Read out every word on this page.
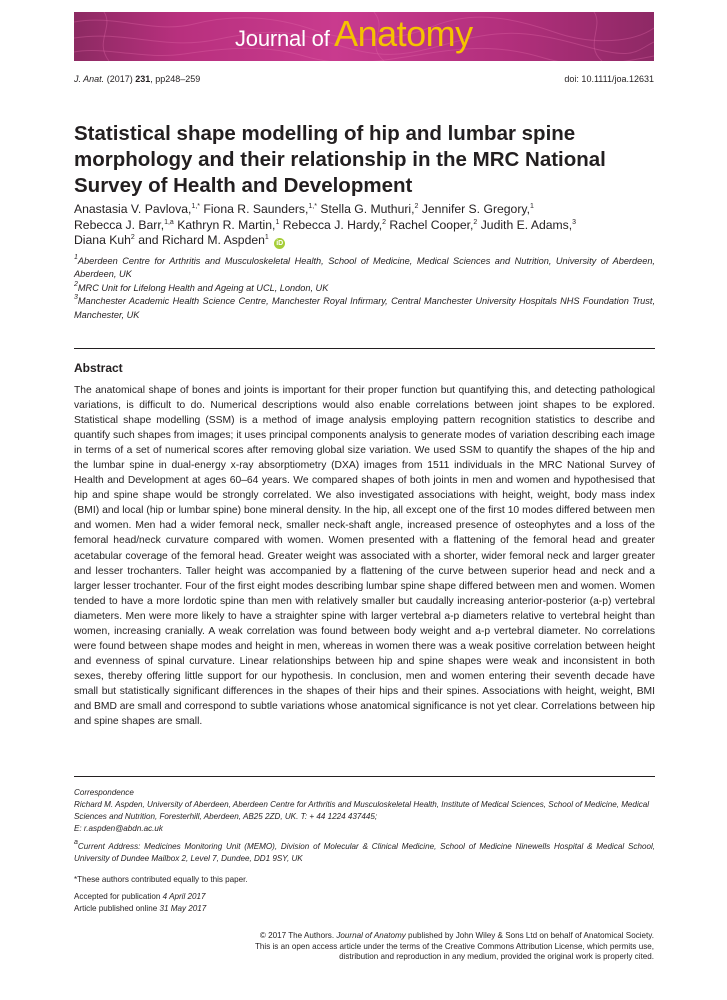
Journal of Anatomy
J. Anat. (2017) 231, pp248–259	doi: 10.1111/joa.12631
Statistical shape modelling of hip and lumbar spine morphology and their relationship in the MRC National Survey of Health and Development
Anastasia V. Pavlova,$^{1,*}$ Fiona R. Saunders,$^{1,*}$ Stella G. Muthuri,$^2$ Jennifer S. Gregory,$^1$
Rebecca J. Barr,$^{1,a}$ Kathryn R. Martin,$^1$ Rebecca J. Hardy,$^2$ Rachel Cooper,$^2$ Judith E. Adams,$^3$
Diana Kuh$^2$ and Richard M. Aspden$^1$ iD

$^1$Aberdeen Centre for Arthritis and Musculoskeletal Health, School of Medicine, Medical Sciences and Nutrition, University of Aberdeen, Aberdeen, UK

$^2$MRC Unit for Lifelong Health and Ageing at UCL, London, UK

$^3$Manchester Academic Health Science Centre, Manchester Royal Infirmary, Central Manchester University Hospitals NHS Foundation Trust, Manchester, UK

Abstract

The anatomical shape of bones and joints is important for their proper function but quantifying this, and detecting pathological variations, is difficult to do. Numerical descriptions would also enable correlations between joint shapes to be explored. Statistical shape modelling (SSM) is a method of image analysis employing pattern recognition statistics to describe and quantify such shapes from images; it uses principal components analysis to generate modes of variation describing each image in terms of a set of numerical scores after removing global size variation. We used SSM to quantify the shapes of the hip and the lumbar spine in dual-energy x-ray absorptiometry (DXA) images from 1511 individuals in the MRC National Survey of Health and Development at ages 60–64 years. We compared shapes of both joints in men and women and hypothesised that hip and spine shape would be strongly correlated. We also investigated associations with height, weight, body mass index (BMI) and local (hip or lumbar spine) bone mineral density. In the hip, all except one of the first 10 modes differed between men and women. Men had a wider femoral neck, smaller neck-shaft angle, increased presence of osteophytes and a loss of the femoral head/neck curvature compared with women. Women presented with a flattening of the femoral head and greater acetabular coverage of the femoral head. Greater weight was associated with a shorter, wider femoral neck and larger greater and lesser trochanters. Taller height was accompanied by a flattening of the curve between superior head and neck and a larger lesser trochanter. Four of the first eight modes describing lumbar spine shape differed between men and women. Women tended to have a more lordotic spine than men with relatively smaller but caudally increasing anterior-posterior (a-p) vertebral diameters. Men were more likely to have a straighter spine with larger vertebral a-p diameters relative to vertebral height than women, increasing cranially. A weak correlation was found between body weight and a-p vertebral diameter. No correlations were found between shape modes and height in men, whereas in women there was a weak positive correlation between height and evenness of spinal curvature. Linear relationships between hip and spine shapes were weak and inconsistent in both sexes, thereby offering little support for our hypothesis. In conclusion, men and women entering their seventh decade have small but statistically significant differences in the shapes of their hips and their spines. Associations with height, weight, BMI and BMD are small and correspond to subtle variations whose anatomical significance is not yet clear. Correlations between hip and spine shapes are small.

Correspondence

Richard M. Aspden, University of Aberdeen, Aberdeen Centre for Arthritis and Musculoskeletal Health, Institute of Medical Sciences, School of Medicine, Medical Sciences and Nutrition, Foresterhill, Aberdeen, AB25 2ZD, UK. T: + 44 1224 437445;

E: r.aspden@abdn.ac.uk

$^a$Current Address: Medicines Monitoring Unit (MEMO), Division of Molecular & Clinical Medicine, School of Medicine Ninewells Hospital & Medical School, University of Dundee Mailbox 2, Level 7, Dundee, DD1 9SY, UK
*These authors contributed equally to this paper.

Accepted for publication 4 April 2017

Article published online 31 May 2017

© 2017 The Authors. Journal of Anatomy published by John Wiley & Sons Ltd on behalf of Anatomical Society.

This is an open access article under the terms of the Creative Commons Attribution License, which permits use,

distribution and reproduction in any medium, provided the original work is properly cited.
